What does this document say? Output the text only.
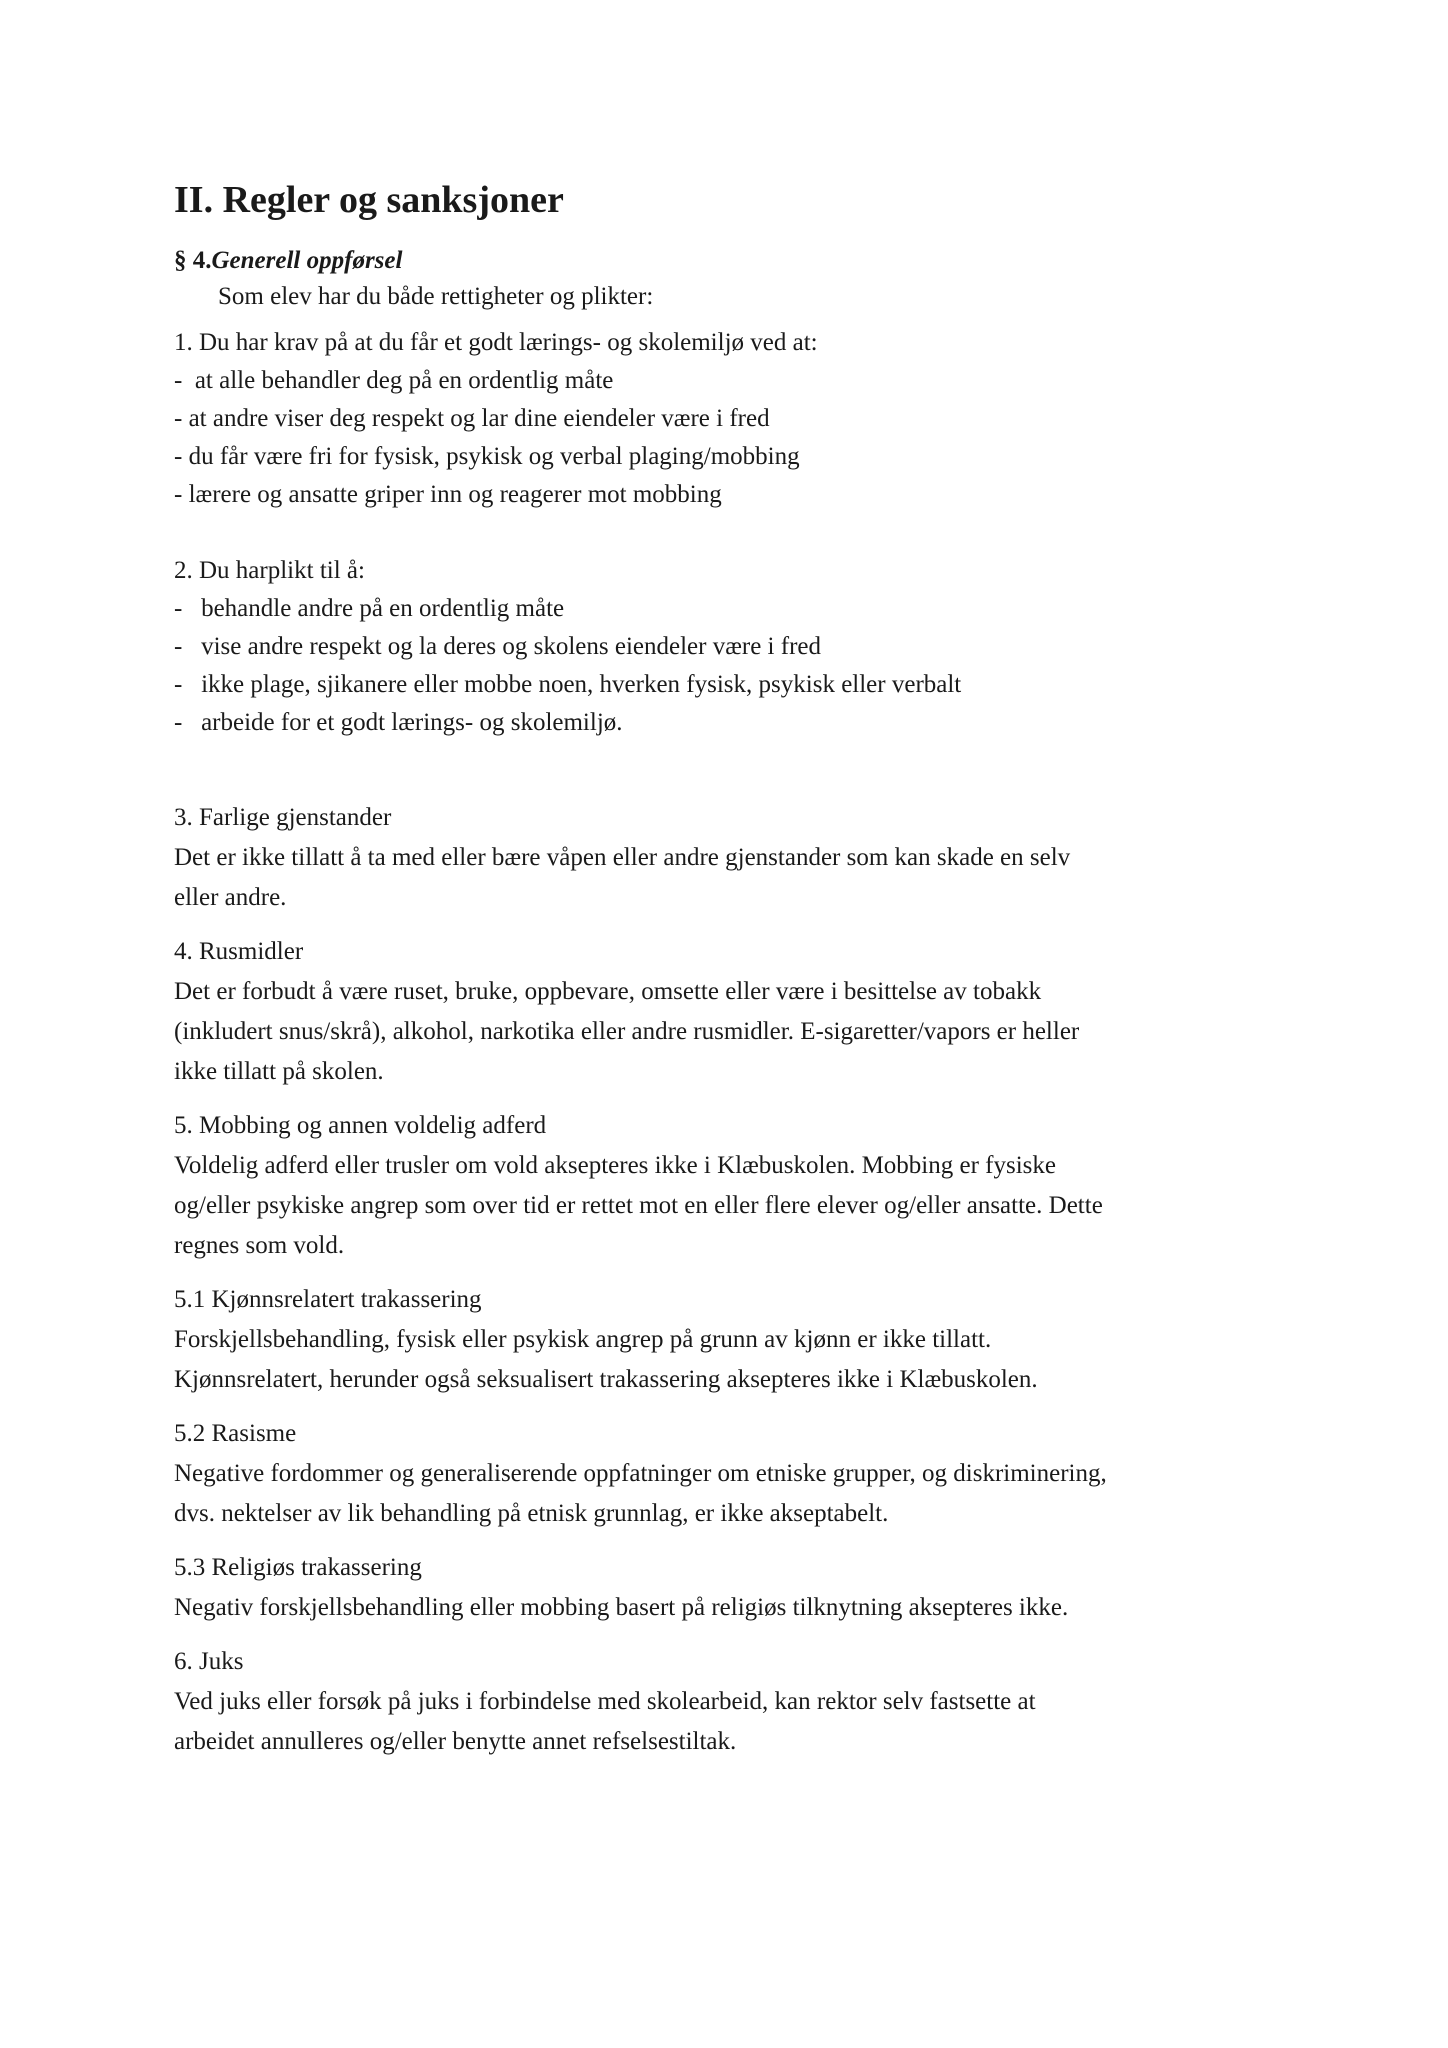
II. Regler og sanksjoner
§ 4.Generell oppførsel
Som elev har du både rettigheter og plikter:
1. Du har krav på at du får et godt lærings- og skolemiljø ved at:
-  at alle behandler deg på en ordentlig måte
- at andre viser deg respekt og lar dine eiendeler være i fred
- du får være fri for fysisk, psykisk og verbal plaging/mobbing
- lærere og ansatte griper inn og reagerer mot mobbing
2. Du harplikt til å:
-   behandle andre på en ordentlig måte
-   vise andre respekt og la deres og skolens eiendeler være i fred
-   ikke plage, sjikanere eller mobbe noen, hverken fysisk, psykisk eller verbalt
-   arbeide for et godt lærings- og skolemiljø.
3. Farlige gjenstander
Det er ikke tillatt å ta med eller bære våpen eller andre gjenstander som kan skade en selv
eller andre.
4. Rusmidler
Det er forbudt å være ruset, bruke, oppbevare, omsette eller være i besittelse av tobakk
(inkludert snus/skrå), alkohol, narkotika eller andre rusmidler. E-sigaretter/vapors er heller
ikke tillatt på skolen.
5. Mobbing og annen voldelig adferd
Voldelig adferd eller trusler om vold aksepteres ikke i Klæbuskolen. Mobbing er fysiske
og/eller psykiske angrep som over tid er rettet mot en eller flere elever og/eller ansatte. Dette
regnes som vold.
5.1 Kjønnsrelatert trakassering
Forskjellsbehandling, fysisk eller psykisk angrep på grunn av kjønn er ikke tillatt.
Kjønnsrelatert, herunder også seksualisert trakassering aksepteres ikke i Klæbuskolen.
5.2 Rasisme
Negative fordommer og generaliserende oppfatninger om etniske grupper, og diskriminering,
dvs. nektelser av lik behandling på etnisk grunnlag, er ikke akseptabelt.
5.3 Religiøs trakassering
Negativ forskjellsbehandling eller mobbing basert på religiøs tilknytning aksepteres ikke.
6. Juks
Ved juks eller forsøk på juks i forbindelse med skolearbeid, kan rektor selv fastsette at
arbeidet annulleres og/eller benytte annet refselsestiltak.
